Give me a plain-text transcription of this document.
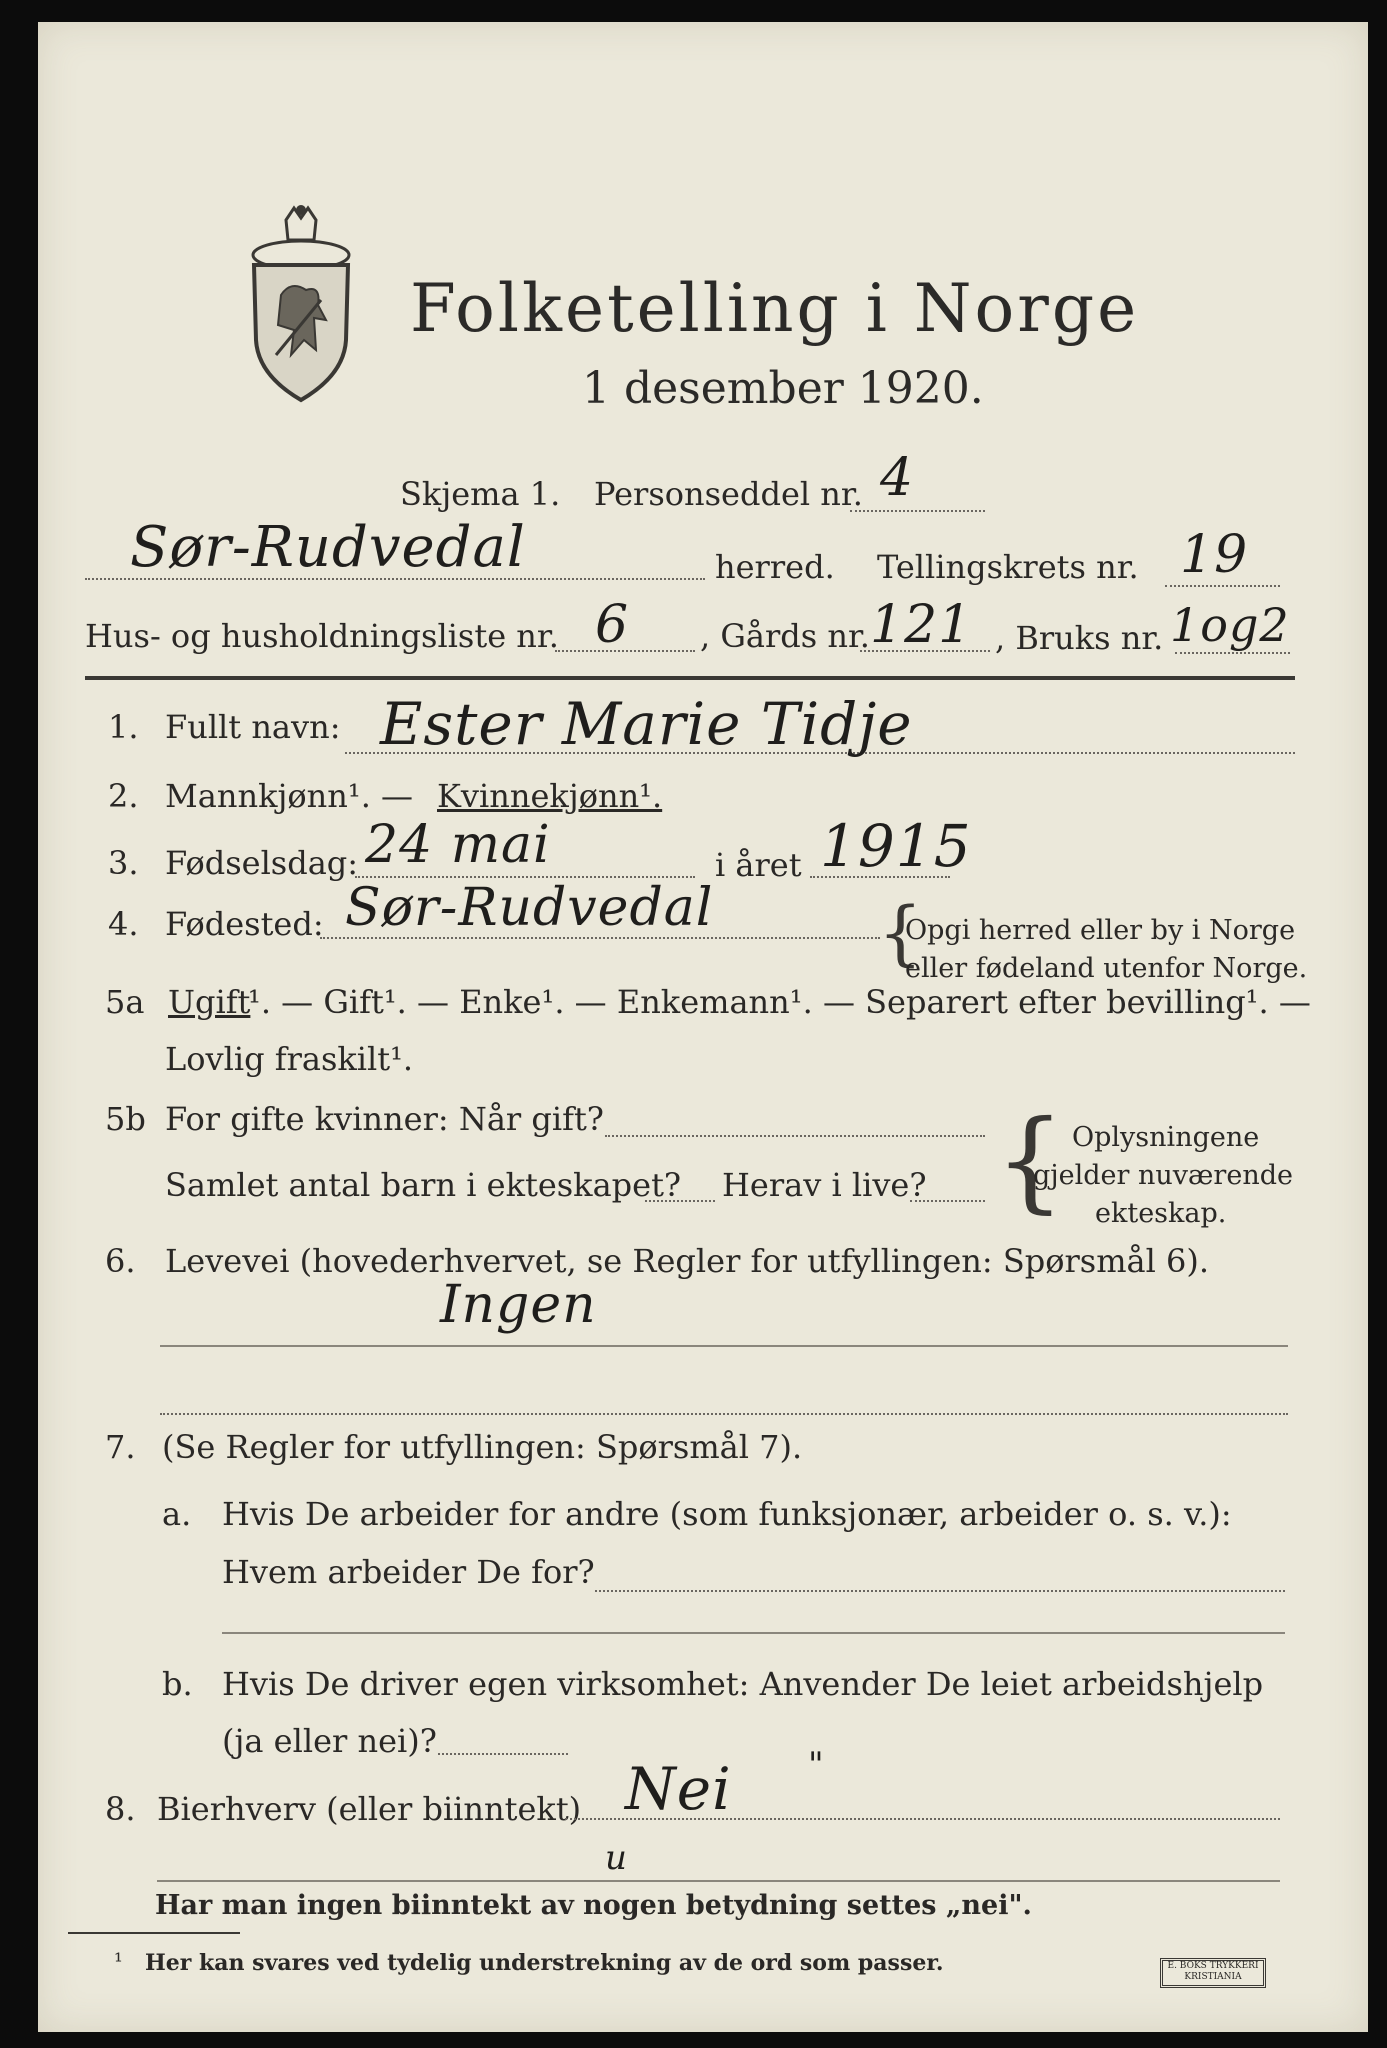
Folketelling i Norge
1 desember 1920.
Skjema 1. Personseddel nr. 4
Sør-Rudvedal	herred. Tellingskrets nr. 19
Hus- og husholdningsliste nr. 6 , Gårds nr. 121 , Bruks nr. 1og2
1. Fullt navn: Ester Marie Tidje
2. Mannkjønn¹. — Kvinnekjønn¹.
3. Fødselsdag: 24 mai	i året 1915
4. Fødested: Sør-Rudvedal {
Opgi herred eller by i Norge
eller fødeland utenfor Norge.
5a Ugift
¹. — Gift¹. — Enke¹. — Enkemann¹. — Separert efter bevilling¹. —
Lovlig fraskilt¹.
5b For gifte kvinner: Når gift?
Samlet antal barn i ekteskapet? Herav i live? { Oplysningene
gjelder nuværende
ekteskap.
6. Levevei (hovederhvervet, se Regler for utfyllingen: Spørsmål 6).
Ingen
7. (Se Regler for utfyllingen: Spørsmål 7).
a. Hvis De arbeider for andre (som funksjonær, arbeider o. s. v.):
Hvem arbeider De for?
b. Hvis De driver egen virksomhet: Anvender De leiet arbeidshjelp
(ja eller nei)?
8. Bierhverv (eller biinntekt) Nei "
u
Har man ingen biinntekt av nogen betydning settes „nei".
¹ Her kan svares ved tydelig understrekning av de ord som passer.	E. BOKS TRYKKERI
KRISTIANIA
